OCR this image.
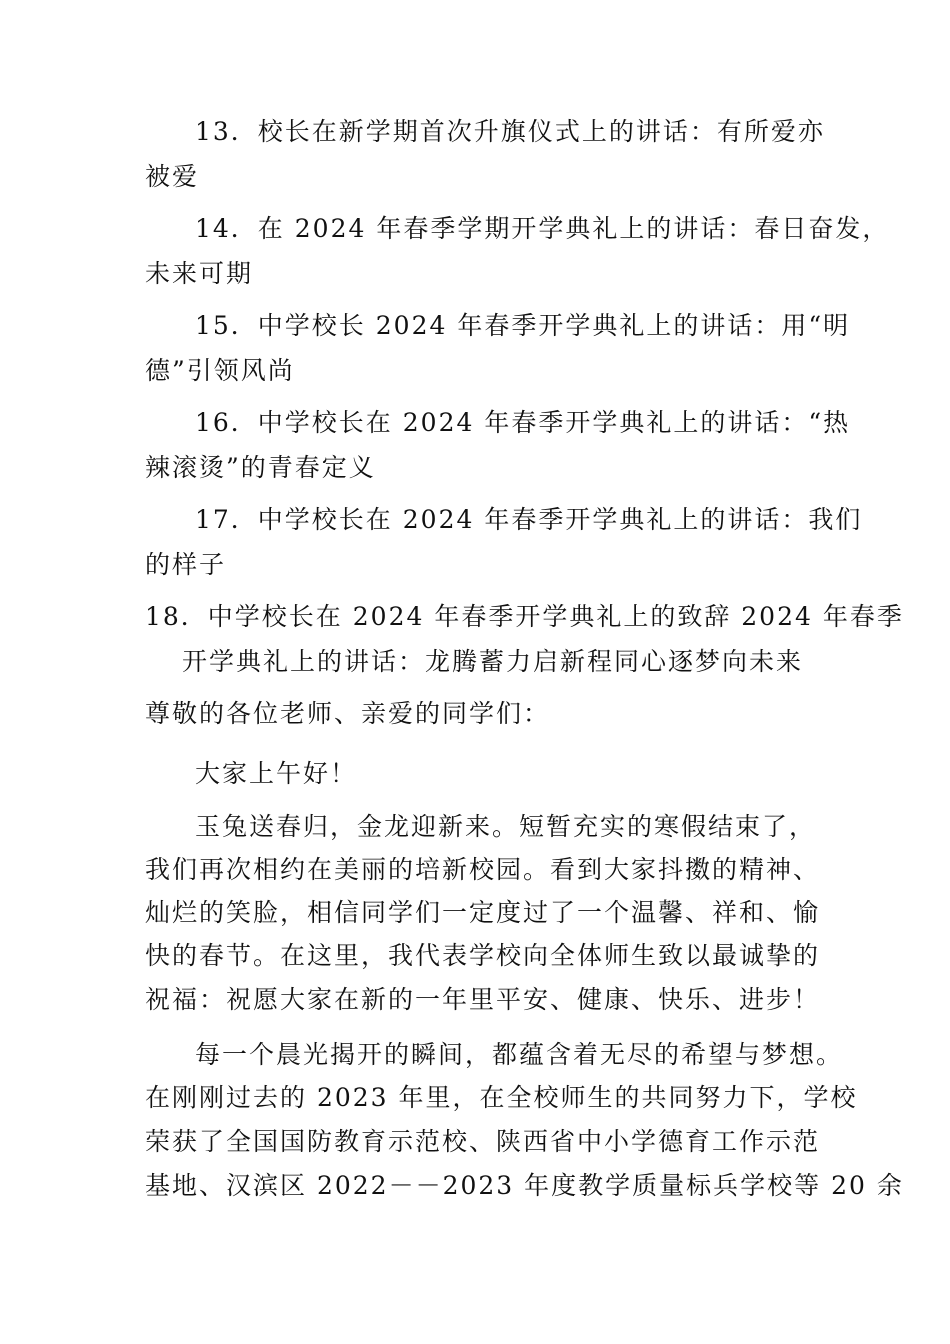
13．校长在新学期首次升旗仪式上的讲话：有所爱亦
被爱
14．在 2024 年春季学期开学典礼上的讲话：春日奋发，
未来可期
15．中学校长 2024 年春季开学典礼上的讲话：用“明
德”引领风尚
16．中学校长在 2024 年春季开学典礼上的讲话：“热
辣滚烫”的青春定义
17．中学校长在 2024 年春季开学典礼上的讲话：我们
的样子
18．中学校长在 2024 年春季开学典礼上的致辞 2024 年春季
开学典礼上的讲话：龙腾蓄力启新程同心逐梦向未来
尊敬的各位老师、亲爱的同学们：
大家上午好！
玉兔送春归，金龙迎新来。短暂充实的寒假结束了，
我们再次相约在美丽的培新校园。看到大家抖擞的精神、
灿烂的笑脸，相信同学们一定度过了一个温馨、祥和、愉
快的春节。在这里，我代表学校向全体师生致以最诚挚的
祝福：祝愿大家在新的一年里平安、健康、快乐、进步！
每一个晨光揭开的瞬间，都蕴含着无尽的希望与梦想。
在刚刚过去的 2023 年里，在全校师生的共同努力下，学校
荣获了全国国防教育示范校、陕西省中小学德育工作示范
基地、汉滨区 2022－－2023 年度教学质量标兵学校等 20 余
